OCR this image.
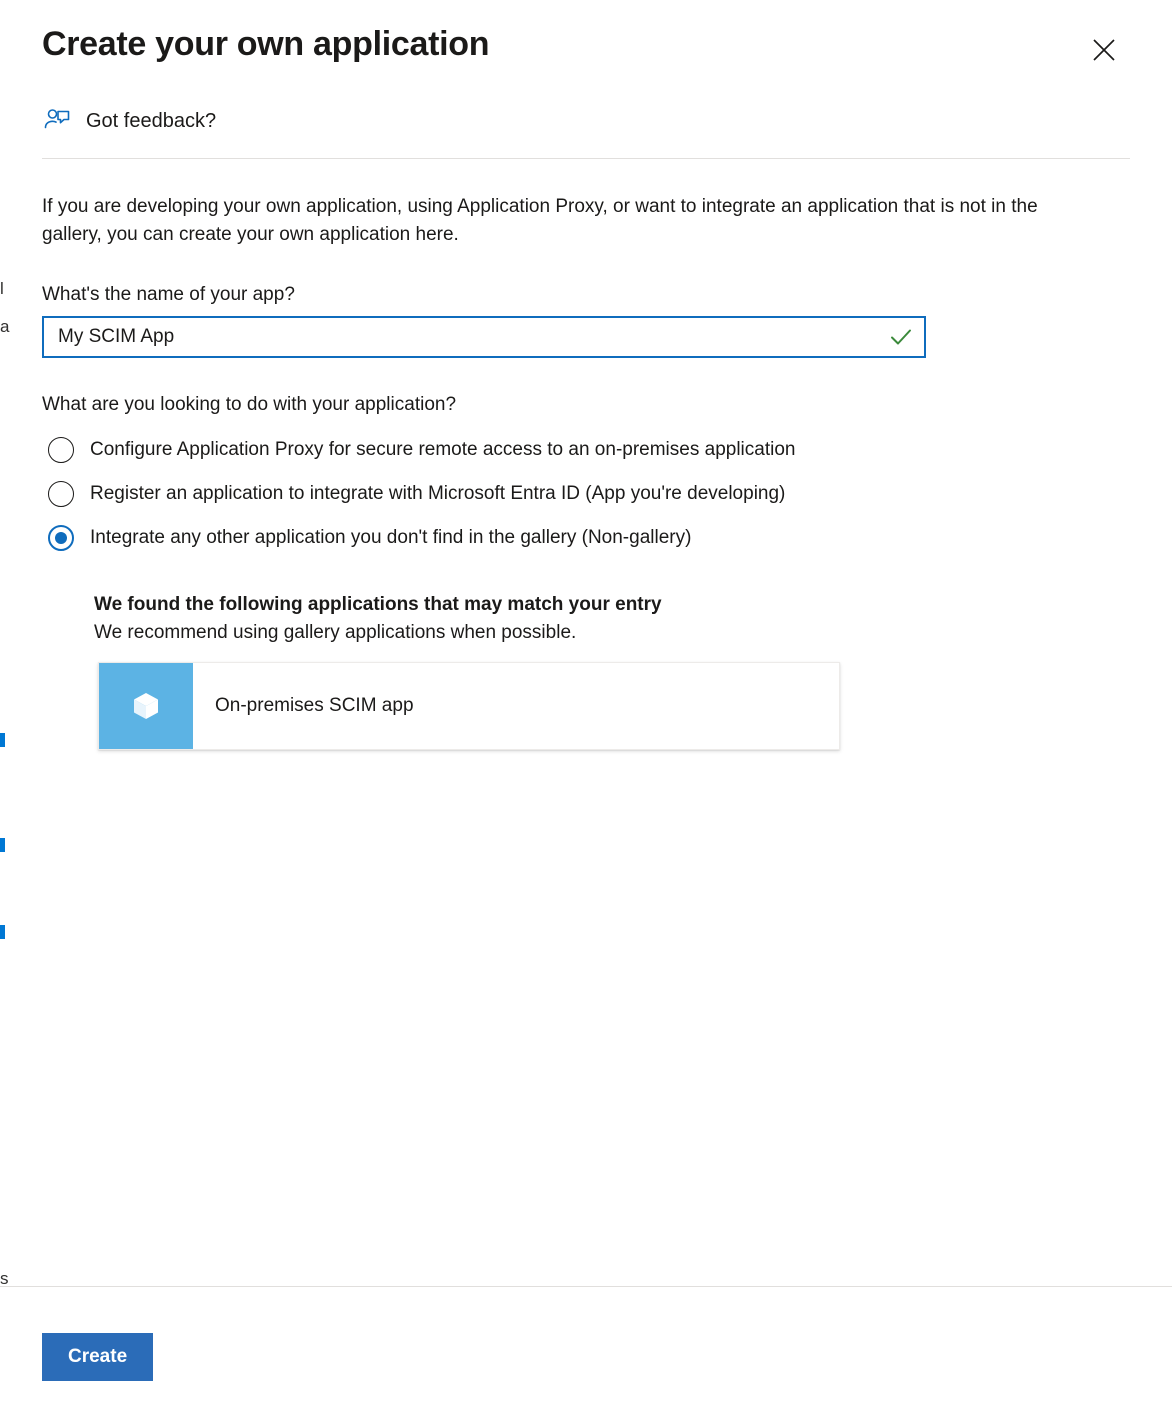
l
a
s
Create your own application
Got feedback?

If you are developing your own application, using Application Proxy, or want to integrate an application that is not in the gallery, you can create your own application here.

What's the name of your app?
My SCIM App
What are you looking to do with your application?
Configure Application Proxy for secure remote access to an on-premises application
Register an application to integrate with Microsoft Entra ID (App you're developing)
Integrate any other application you don't find in the gallery (Non-gallery)
We found the following applications that may match your entry
We recommend using gallery applications when possible.
On-premises SCIM app
Create
